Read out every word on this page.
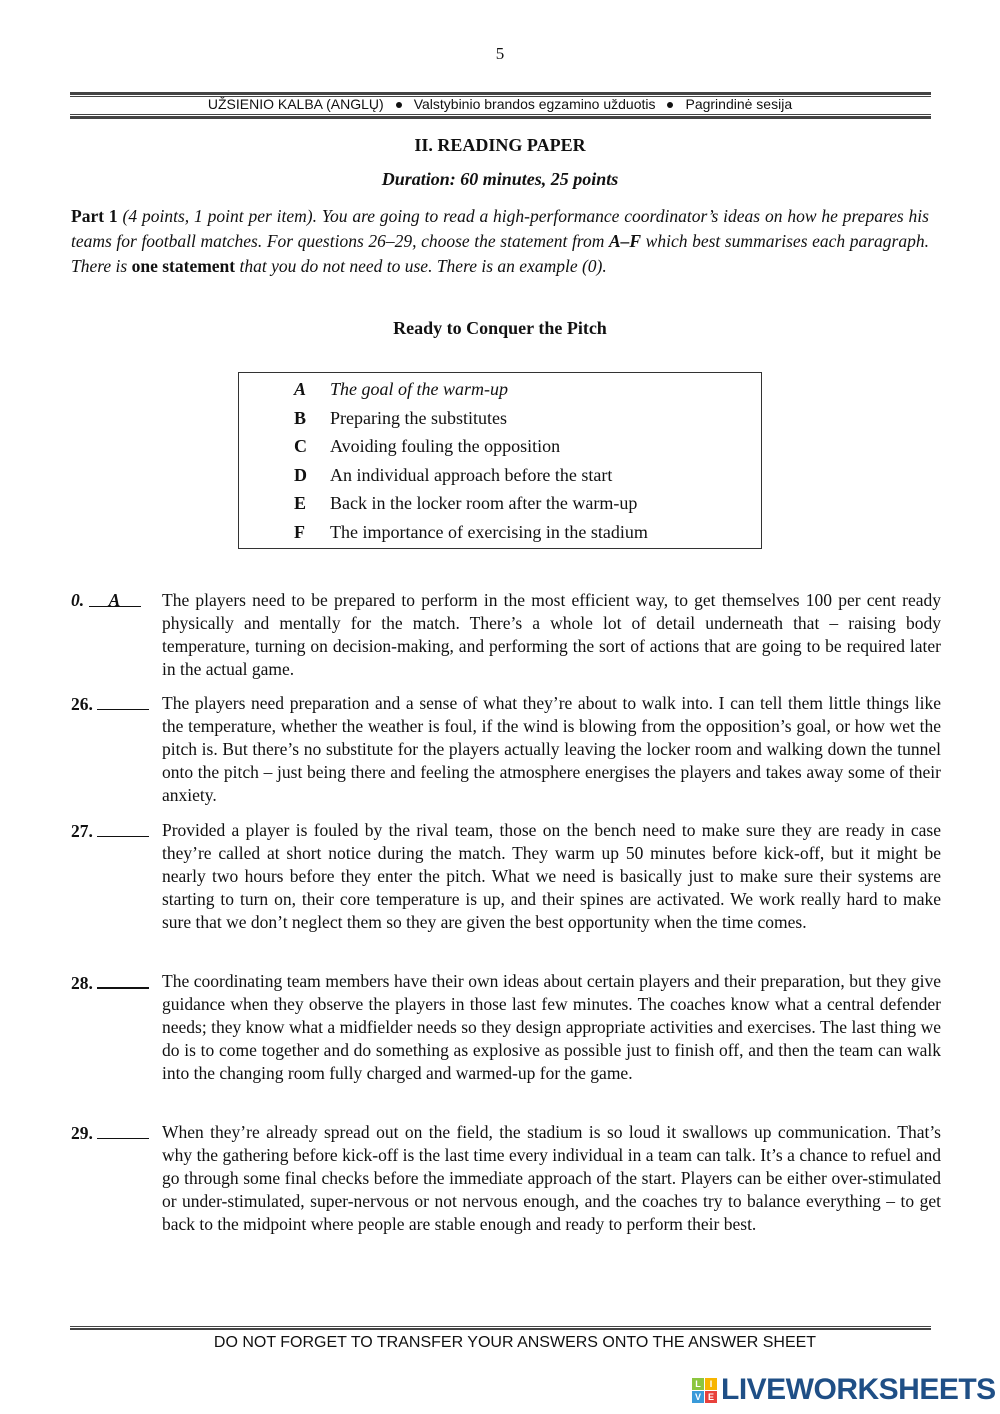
5
UŽSIENIO KALBA (ANGLŲ) Valstybinio brandos egzamino užduotis Pagrindinė sesija
II. READING PAPER
Duration: 60 minutes, 25 points
Part 1 (4 points, 1 point per item). You are going to read a high-performance coordinator’s ideas on how he prepares his teams for football matches. For questions 26–29, choose the statement from A–F which best summarises each paragraph. There is one statement that you do not need to use. There is an example (0).
Ready to Conquer the Pitch
A The goal of the warm-up
B Preparing the substitutes
C Avoiding fouling the opposition
D An individual approach before the start
E Back in the locker room after the warm-up
F The importance of exercising in the stadium
0. A	The players need to be prepared to perform in the most efficient way, to get themselves 100 per cent ready physically and mentally for the match. There’s a whole lot of detail underneath that – raising body temperature, turning on decision-making, and performing the sort of actions that are going to be required later in the actual game.
26.	The players need preparation and a sense of what they’re about to walk into. I can tell them little things like the temperature, whether the weather is foul, if the wind is blowing from the opposition’s goal, or how wet the pitch is. But there’s no substitute for the players actually leaving the locker room and walking down the tunnel onto the pitch – just being there and feeling the atmosphere energises the players and takes away some of their anxiety.
27.	Provided a player is fouled by the rival team, those on the bench need to make sure they are ready in case they’re called at short notice during the match. They warm up 50 minutes before kick-off, but it might be nearly two hours before they enter the pitch. What we need is basically just to make sure their systems are starting to turn on, their core temperature is up, and their spines are activated. We work really hard to make sure that we don’t neglect them so they are given the best opportunity when the time comes.
28.	The coordinating team members have their own ideas about certain players and their preparation, but they give guidance when they observe the players in those last few minutes. The coaches know what a central defender needs; they know what a midfielder needs so they design appropriate activities and exercises. The last thing we do is to come together and do something as explosive as possible just to finish off, and then the team can walk into the changing room fully charged and warmed-up for the game.
29.	When they’re already spread out on the field, the stadium is so loud it swallows up communication. That’s why the gathering before kick-off is the last time every individual in a team can talk. It’s a chance to refuel and go through some final checks before the immediate approach of the start. Players can be either over-stimulated or under-stimulated, super-nervous or not nervous enough, and the coaches try to balance everything – to get back to the midpoint where people are stable enough and ready to perform their best.
DO NOT FORGET TO TRANSFER YOUR ANSWERS ONTO THE ANSWER SHEET
L I
V E LIVEWORKSHEETS
